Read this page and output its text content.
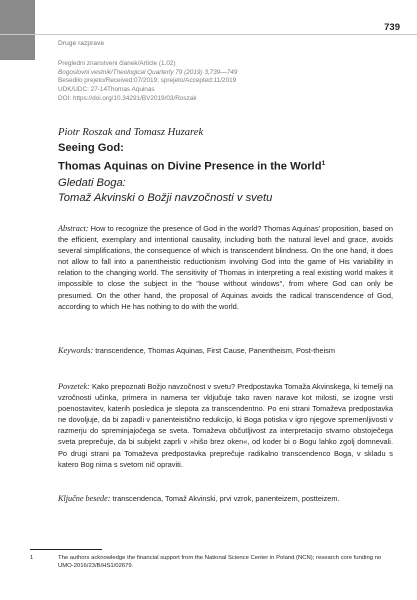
739
Druge razprave
Pregledni znanstveni članek/Article (1.02)
Bogoslovni vestnik/Theological Quarterly 79 (2019) 3,739—749
Besedilo prejeto/Received:07/2019; sprejeto/Accepted:11/2019
UDK/UDC: 27-14Thomas Aquinas
DOI: https://doi.org/10.34291/BV2019/03/Roszak
Piotr Roszak and Tomasz Huzarek
Seeing God:
Thomas Aquinas on Divine Presence in the World$^1$
Gledati Boga:
Tomaž Akvinski o Božji navzočnosti v svetu
Abstract: How to recognize the presence of God in the world? Thomas Aquinas' proposition, based on the efficient, exemplary and intentional causality, including both the natural level and grace, avoids several simplifications, the consequence of which is transcendent blindness. On the one hand, it does not allow to fall into a panentheistic reductionism involving God into the game of His variability in relation to the changing world. The sensitivity of Thomas in interpreting a real existing world makes it impossible to close the subject in the ''house without windows'', from where God can only be presumed. On the other hand, the proposal of Aquinas avoids the radical transcendence of God, according to which He has nothing to do with the world.
Keywords: transcendence, Thomas Aquinas, First Cause, Panentheism, Post-theism
Povzetek: Kako prepoznati Božjo navzočnost v svetu? Predpostavka Tomaža Akvinskega, ki temelji na vzročnosti učinka, primera in namena ter vključuje tako raven narave kot milosti, se izogne vrsti poenostavitev, katerih posledica je slepota za transcendentno. Po eni strani Tomaževa predpostavka ne dovoljuje, da bi zapadli v panenteistično redukcijo, ki Boga potiska v igro njegove spremenljivosti v razmerju do spreminjajočega se sveta. Tomaževa občutljivost za interpretacijo stvarno obstoječega sveta preprečuje, da bi subjekt zaprli v »hišo brez oken«, od koder bi o Bogu lahko zgolj domnevali. Po drugi strani pa Tomaževa predpostavka preprečuje radikalno transcendenco Boga, v skladu s katero Bog nima s svetom nič opraviti.
Ključne besede: transcendenca, Tomaž Akvinski, prvi vzrok, panenteizem, postteizem.
1	The authors acknowledge the financial support from the National Science Center in Poland (NCN); research core funding no UMO-2016/23/B/HS1/02679.
